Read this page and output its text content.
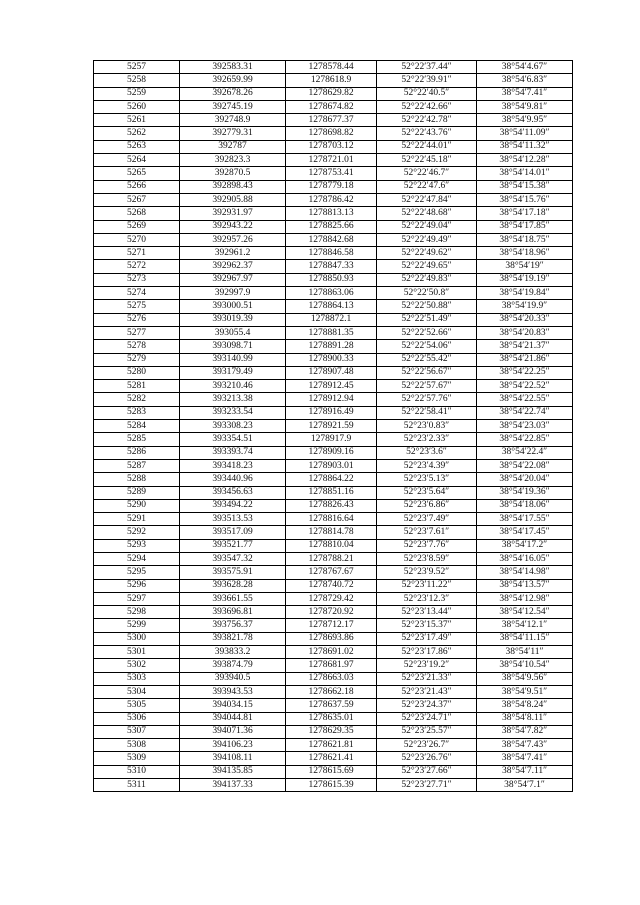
5257	392583.31	1278578.44	52°22′37.44″	38°54′4.67″
5258	392659.99	1278618.9	52°22′39.91″	38°54′6.83″
5259	392678.26	1278629.82	52°22′40.5″	38°54′7.41″
5260	392745.19	1278674.82	52°22′42.66″	38°54′9.81″
5261	392748.9	1278677.37	52°22′42.78″	38°54′9.95″
5262	392779.31	1278698.82	52°22′43.76″	38°54′11.09″
5263	392787	1278703.12	52°22′44.01″	38°54′11.32″
5264	392823.3	1278721.01	52°22′45.18″	38°54′12.28″
5265	392870.5	1278753.41	52°22′46.7″	38°54′14.01″
5266	392898.43	1278779.18	52°22′47.6″	38°54′15.38″
5267	392905.88	1278786.42	52°22′47.84″	38°54′15.76″
5268	392931.97	1278813.13	52°22′48.68″	38°54′17.18″
5269	392943.22	1278825.66	52°22′49.04″	38°54′17.85″
5270	392957.26	1278842.68	52°22′49.49″	38°54′18.75″
5271	392961.2	1278846.58	52°22′49.62″	38°54′18.96″
5272	392962.37	1278847.33	52°22′49.65″	38°54′19″
5273	392967.97	1278850.93	52°22′49.83″	38°54′19.19″
5274	392997.9	1278863.06	52°22′50.8″	38°54′19.84″
5275	393000.51	1278864.13	52°22′50.88″	38°54′19.9″
5276	393019.39	1278872.1	52°22′51.49″	38°54′20.33″
5277	393055.4	1278881.35	52°22′52.66″	38°54′20.83″
5278	393098.71	1278891.28	52°22′54.06″	38°54′21.37″
5279	393140.99	1278900.33	52°22′55.42″	38°54′21.86″
5280	393179.49	1278907.48	52°22′56.67″	38°54′22.25″
5281	393210.46	1278912.45	52°22′57.67″	38°54′22.52″
5282	393213.38	1278912.94	52°22′57.76″	38°54′22.55″
5283	393233.54	1278916.49	52°22′58.41″	38°54′22.74″
5284	393308.23	1278921.59	52°23′0.83″	38°54′23.03″
5285	393354.51	1278917.9	52°23′2.33″	38°54′22.85″
5286	393393.74	1278909.16	52°23′3.6″	38°54′22.4″
5287	393418.23	1278903.01	52°23′4.39″	38°54′22.08″
5288	393440.96	1278864.22	52°23′5.13″	38°54′20.04″
5289	393456.63	1278851.16	52°23′5.64″	38°54′19.36″
5290	393494.22	1278826.43	52°23′6.86″	38°54′18.06″
5291	393513.53	1278816.64	52°23′7.49″	38°54′17.55″
5292	393517.09	1278814.78	52°23′7.61″	38°54′17.45″
5293	393521.77	1278810.04	52°23′7.76″	38°54′17.2″
5294	393547.32	1278788.21	52°23′8.59″	38°54′16.05″
5295	393575.91	1278767.67	52°23′9.52″	38°54′14.98″
5296	393628.28	1278740.72	52°23′11.22″	38°54′13.57″
5297	393661.55	1278729.42	52°23′12.3″	38°54′12.98″
5298	393696.81	1278720.92	52°23′13.44″	38°54′12.54″
5299	393756.37	1278712.17	52°23′15.37″	38°54′12.1″
5300	393821.78	1278693.86	52°23′17.49″	38°54′11.15″
5301	393833.2	1278691.02	52°23′17.86″	38°54′11″
5302	393874.79	1278681.97	52°23′19.2″	38°54′10.54″
5303	393940.5	1278663.03	52°23′21.33″	38°54′9.56″
5304	393943.53	1278662.18	52°23′21.43″	38°54′9.51″
5305	394034.15	1278637.59	52°23′24.37″	38°54′8.24″
5306	394044.81	1278635.01	52°23′24.71″	38°54′8.11″
5307	394071.36	1278629.35	52°23′25.57″	38°54′7.82″
5308	394106.23	1278621.81	52°23′26.7″	38°54′7.43″
5309	394108.11	1278621.41	52°23′26.76″	38°54′7.41″
5310	394135.85	1278615.69	52°23′27.66″	38°54′7.11″
5311	394137.33	1278615.39	52°23′27.71″	38°54′7.1″
